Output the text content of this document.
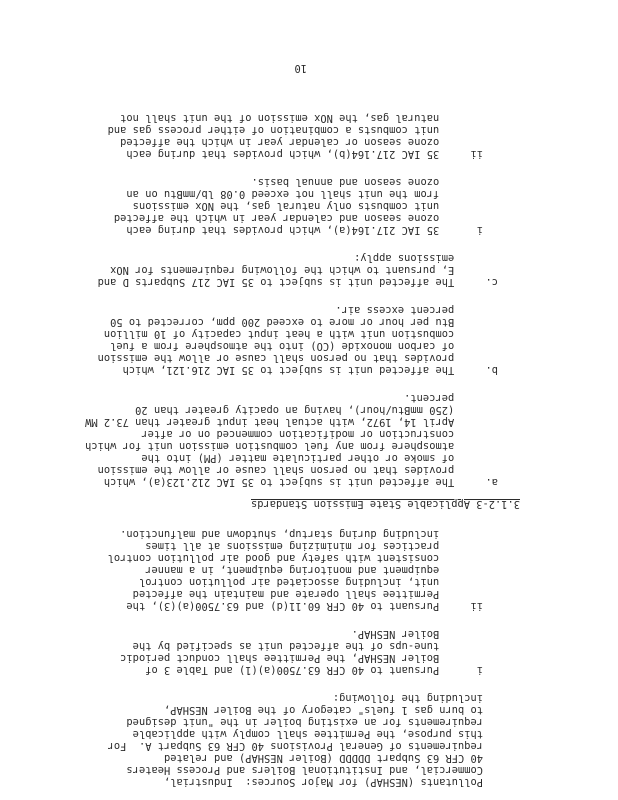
Pollutants (NESHAP) for Major Sources:  Industrial,
Commercial, and Institutional Boilers and Process Heaters
40 CFR 63 Subpart DDDDD (Boiler NESHAP) and related
requirements of General Provisions 40 CFR 63 Subpart A.  For
this purpose, the Permittee shall comply with applicable
requirements for an existing boiler in the "unit designed
to burn gas 1 fuels" category of the Boiler NESHAP,
including the following:
i      Pursuant to 40 CFR 63.7500(a)(1) and Table 3 of
Boiler NESHAP, the Permittee shall conduct periodic
tune-ups of the affected unit as specified by the
Boiler NESHAP.
ii     Pursuant to 40 CFR 60.11(d) and 63.7500(a)(3), the
Permittee shall operate and maintain the affected
unit, including associated air pollution control
equipment and monitoring equipment, in a manner
consistent with safety and good air pollution control
practices for minimizing emissions at all times
including during startup, shutdown and malfunction.
3.1.2-3 Applicable State Emission Standards
a.     The affected unit is subject to 35 IAC 212.123(a), which
provides that no person shall cause or allow the emission
of smoke or other particulate matter (PM) into the
atmosphere from any fuel combustion emission unit for which
construction or modification commenced on or after
April 14, 1972, with actual heat input greater than 73.2 MW
(250 mmBtu/hour), having an opacity greater than 20
percent.
b.     The affected unit is subject to 35 IAC 216.121, which
provides that no person shall cause or allow the emission
of carbon monoxide (CO) into the atmosphere from a fuel
combustion unit with a heat input capacity of 10 million
Btu per hour or more to exceed 200 ppm, corrected to 50
percent excess air.
c.     The affected unit is subject to 35 IAC 217 Subparts D and
E, pursuant to which the following requirements for NOx
emissions apply:
i      35 IAC 217.164(a), which provides that during each
ozone season and calendar year in which the affected
unit combusts only natural gas, the NOx emissions
from the unit shall not exceed 0.08 lb/mmBtu on an
ozone season and annual basis.
ii     35 IAC 217.164(b), which provides that during each
ozone season or calendar year in which the affected
unit combusts a combination of either process gas and
natural gas, the NOx emission of the unit shall not
10
